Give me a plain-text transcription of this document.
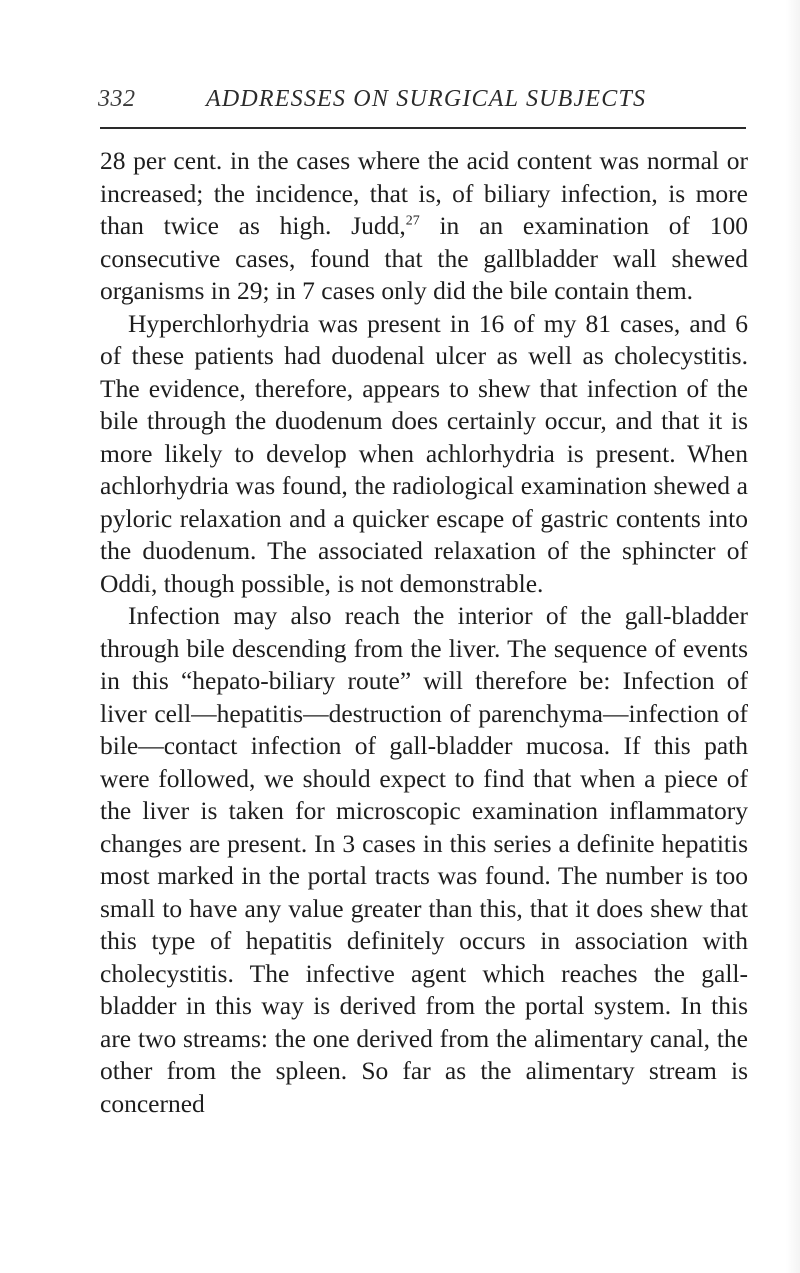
332	ADDRESSES ON SURGICAL SUBJECTS

28 per cent. in the cases where the acid content was normal or increased; the incidence, that is, of biliary infection, is more than twice as high. Judd,$^{27}$ in an examination of 100 consecutive cases, found that the gallbladder wall shewed organisms in 29; in 7 cases only did the bile contain them.

Hyperchlorhydria was present in 16 of my 81 cases, and 6 of these patients had duodenal ulcer as well as cholecystitis. The evidence, therefore, appears to shew that infection of the bile through the duodenum does certainly occur, and that it is more likely to develop when achlorhydria is present. When achlorhydria was found, the radiological examination shewed a pyloric relaxation and a quicker escape of gastric contents into the duodenum. The associated relaxation of the sphincter of Oddi, though possible, is not demonstrable.

Infection may also reach the interior of the gall-bladder through bile descending from the liver. The sequence of events in this “hepato-biliary route” will therefore be: Infection of liver cell—hepatitis—destruction of parenchyma—infection of bile—contact infection of gall-bladder mucosa. If this path were followed, we should expect to find that when a piece of the liver is taken for microscopic examination inflammatory changes are present. In 3 cases in this series a definite hepatitis most marked in the portal tracts was found. The number is too small to have any value greater than this, that it does shew that this type of hepatitis definitely occurs in association with cholecystitis. The infective agent which reaches the gall-bladder in this way is derived from the portal system. In this are two streams: the one derived from the alimentary canal, the other from the spleen. So far as the alimentary stream is concerned
